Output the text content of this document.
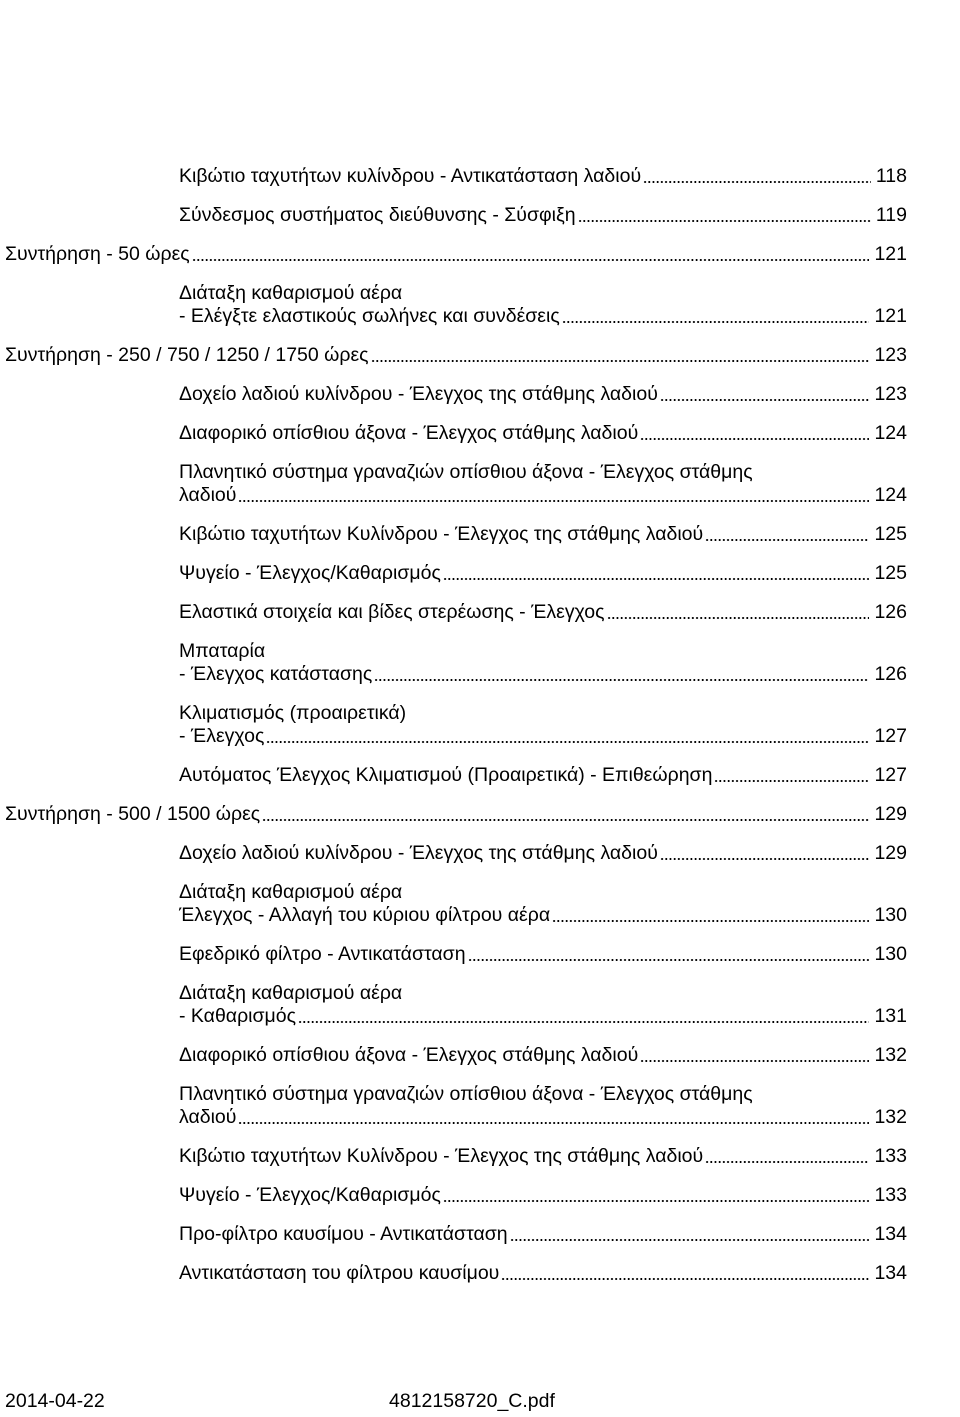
Κιβώτιο ταχυτήτων κυλίνδρου - Αντικατάσταση λαδιού	118
Σύνδεσμος συστήματος διεύθυνσης - Σύσφιξη	119
Συντήρηση - 50 ώρες	121
Διάταξη καθαρισμού αέρα
- Ελέγξτε ελαστικούς σωλήνες και συνδέσεις	121
Συντήρηση - 250 / 750 / 1250 / 1750 ώρες	123
Δοχείο λαδιού κυλίνδρου - Έλεγχος της στάθμης λαδιού	123
Διαφορικό οπίσθιου άξονα - Έλεγχος στάθμης λαδιού	124
Πλανητικό σύστημα γραναζιών οπίσθιου άξονα - Έλεγχος στάθμης
λαδιού	124
Κιβώτιο ταχυτήτων Κυλίνδρου - Έλεγχος της στάθμης λαδιού	125
Ψυγείο - Έλεγχος/Καθαρισμός	125
Ελαστικά στοιχεία και βίδες στερέωσης - Έλεγχος	126
Μπαταρία
- Έλεγχος κατάστασης	126
Κλιματισμός (προαιρετικά)
- Έλεγχος	127
Αυτόματος Έλεγχος Κλιματισμού (Προαιρετικά) - Επιθεώρηση	127
Συντήρηση - 500 / 1500 ώρες	129
Δοχείο λαδιού κυλίνδρου - Έλεγχος της στάθμης λαδιού	129
Διάταξη καθαρισμού αέρα
Έλεγχος - Αλλαγή του κύριου φίλτρου αέρα	130
Εφεδρικό φίλτρο - Αντικατάσταση	130
Διάταξη καθαρισμού αέρα
- Καθαρισμός	131
Διαφορικό οπίσθιου άξονα - Έλεγχος στάθμης λαδιού	132
Πλανητικό σύστημα γραναζιών οπίσθιου άξονα - Έλεγχος στάθμης
λαδιού	132
Κιβώτιο ταχυτήτων Κυλίνδρου - Έλεγχος της στάθμης λαδιού	133
Ψυγείο - Έλεγχος/Καθαρισμός	133
Προ-φίλτρο καυσίμου - Αντικατάσταση	134
Αντικατάσταση του φίλτρου καυσίμου	134
2014-04-22	4812158720_C.pdf
